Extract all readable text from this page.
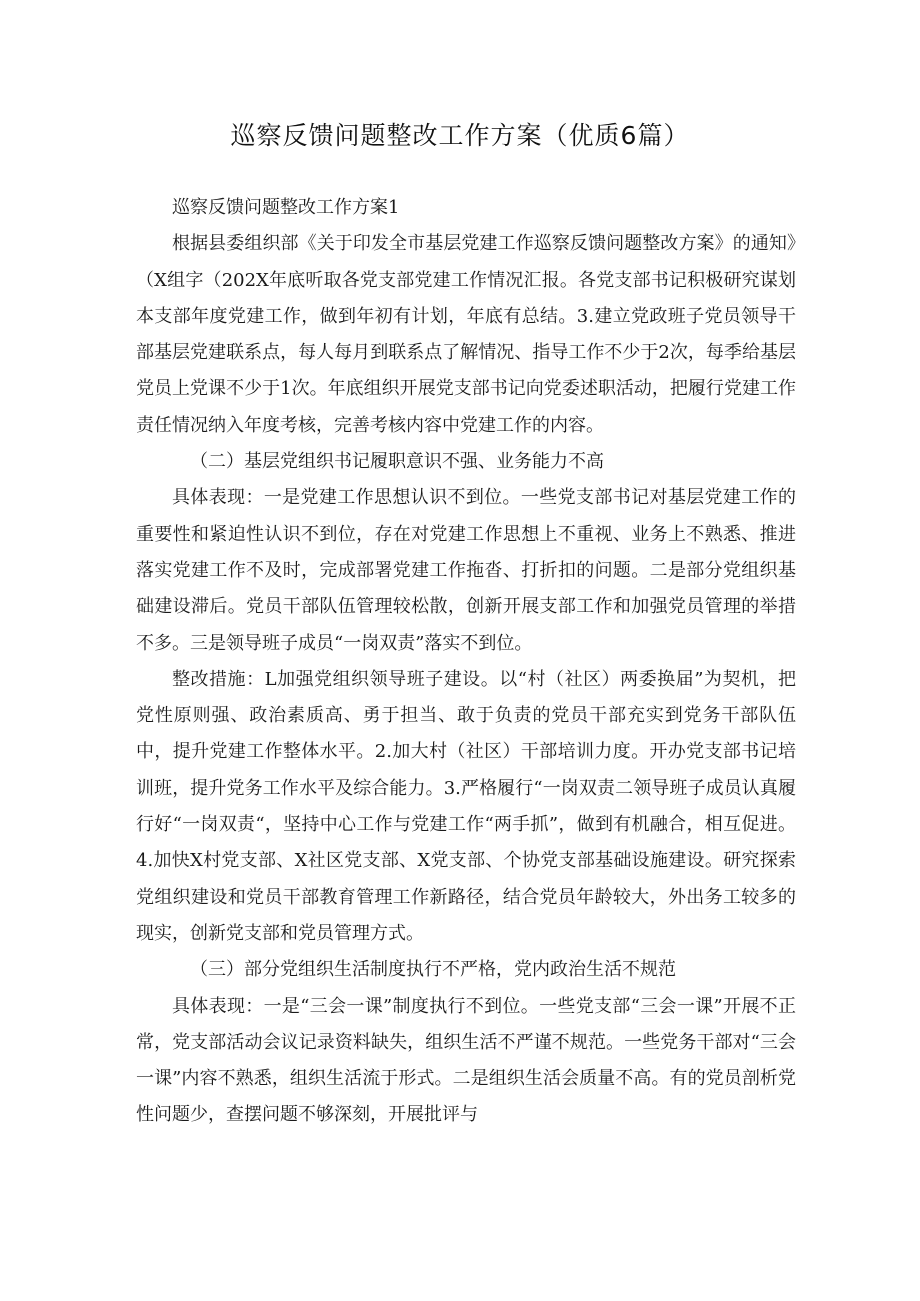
巡察反馈问题整改工作方案（优质6篇）

巡察反馈问题整改工作方案1

根据县委组织部《关于印发全市基层党建工作巡察反馈问题整改方案》的通知》（X组字（202X年底听取各党支部党建工作情况汇报。各党支部书记积极研究谋划本支部年度党建工作，做到年初有计划，年底有总结。3.建立党政班子党员领导干部基层党建联系点，每人每月到联系点了解情况、指导工作不少于2次，每季给基层党员上党课不少于1次。年底组织开展党支部书记向党委述职活动，把履行党建工作责任情况纳入年度考核，完善考核内容中党建工作的内容。

（二）基层党组织书记履职意识不强、业务能力不高

具体表现：一是党建工作思想认识不到位。一些党支部书记对基层党建工作的重要性和紧迫性认识不到位，存在对党建工作思想上不重视、业务上不熟悉、推进落实党建工作不及时，完成部署党建工作拖沓、打折扣的问题。二是部分党组织基础建设滞后。党员干部队伍管理较松散，创新开展支部工作和加强党员管理的举措不多。三是领导班子成员“一岗双责”落实不到位。

整改措施：L加强党组织领导班子建设。以“村（社区）两委换届”为契机，把党性原则强、政治素质高、勇于担当、敢于负责的党员干部充实到党务干部队伍中，提升党建工作整体水平。2.加大村（社区）干部培训力度。开办党支部书记培训班，提升党务工作水平及综合能力。3.严格履行“一岗双责二领导班子成员认真履行好“一岗双责“，坚持中心工作与党建工作“两手抓”，做到有机融合，相互促进。4.加快X村党支部、X社区党支部、X党支部、个协党支部基础设施建设。研究探索党组织建设和党员干部教育管理工作新路径，结合党员年龄较大，外出务工较多的现实，创新党支部和党员管理方式。

（三）部分党组织生活制度执行不严格，党内政治生活不规范

具体表现：一是“三会一课”制度执行不到位。一些党支部“三会一课”开展不正常，党支部活动会议记录资料缺失，组织生活不严谨不规范。一些党务干部对“三会一课”内容不熟悉，组织生活流于形式。二是组织生活会质量不高。有的党员剖析党性问题少，查摆问题不够深刻，开展批评与
